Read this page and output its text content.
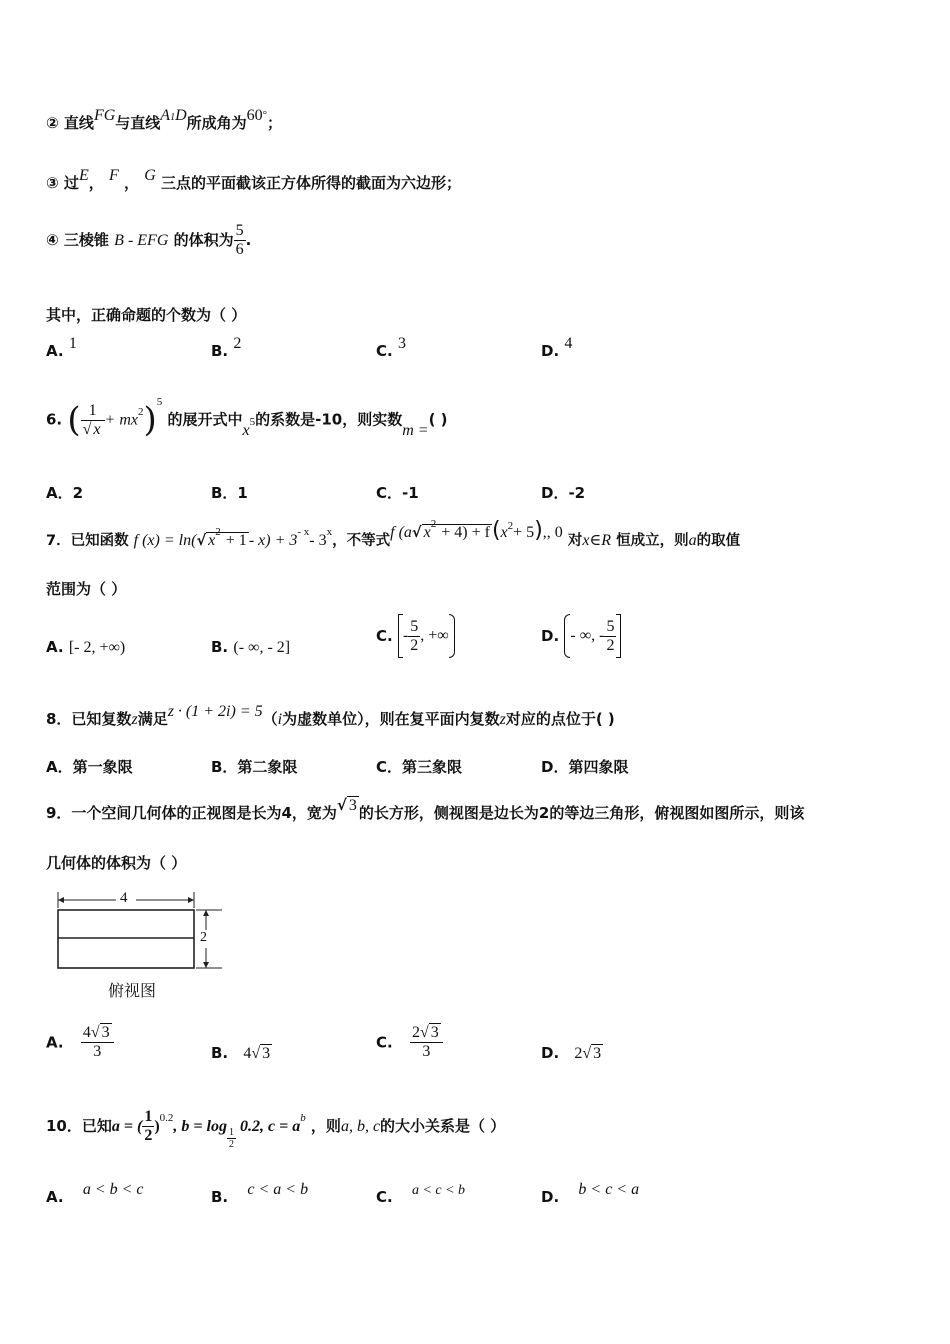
② 直线FG与直线$A^1D$所成角为60°；
③ 过E， F ， G 三点的平面截该正方体所得的截面为六边形；
④ 三棱锥 B - EFG 的体积为 $\frac{5}{6}$ .
其中，正确命题的个数为（ ）
A. 1	B. 2	C. 3	D. 4
6. ( $\frac{1}{√ x} + mx^2)^5$ 的展开式中x5的系数是-10，则实数m =( )
A．2	B．1	C．-1	D．-2
7．已知函数 f (x) = ln(√ $x^2 + 1 - x) + 3^{- x}-$ 3$^x$，不等式f (a√ $x^2 + 4) + f(x^2+ 5)$,, 0 对x∈R 恒成立，则a的取值
范围为（ ）
A. [- 2, +∞)	B. (- ∞, - 2]
C. - $\frac{5}{2}$ , +∞	D. - ∞, - $\frac{5}{2}$
8．已知复数z满足z · (1 + 2i) = 5（i为虚数单位），则在复平面内复数z对应的点位于( )
A．第一象限	B．第二象限	C．第三象限	D．第四象限
9．一个空间几何体的正视图是长为4，宽为√ 3 的长方形，侧视图是边长为2的等边三角形，俯视图如图所示，则该
几何体的体积为（ ）
4
2
俯视图
A. $\frac{4√ 3}{3}$	B. 4√ 3
C. $\frac{2√ 3}{3}$	D. 2√ 3
10．已知a = ( $\frac{1}{2} )^{0.2}$, b = log
$\frac{1}{2}$
0.2, $c = a^b$ ，则a, b, c的大小关系是（ ）
A. a < b < c	B. c < a < b	C. a < c < b	D. b < c < a
